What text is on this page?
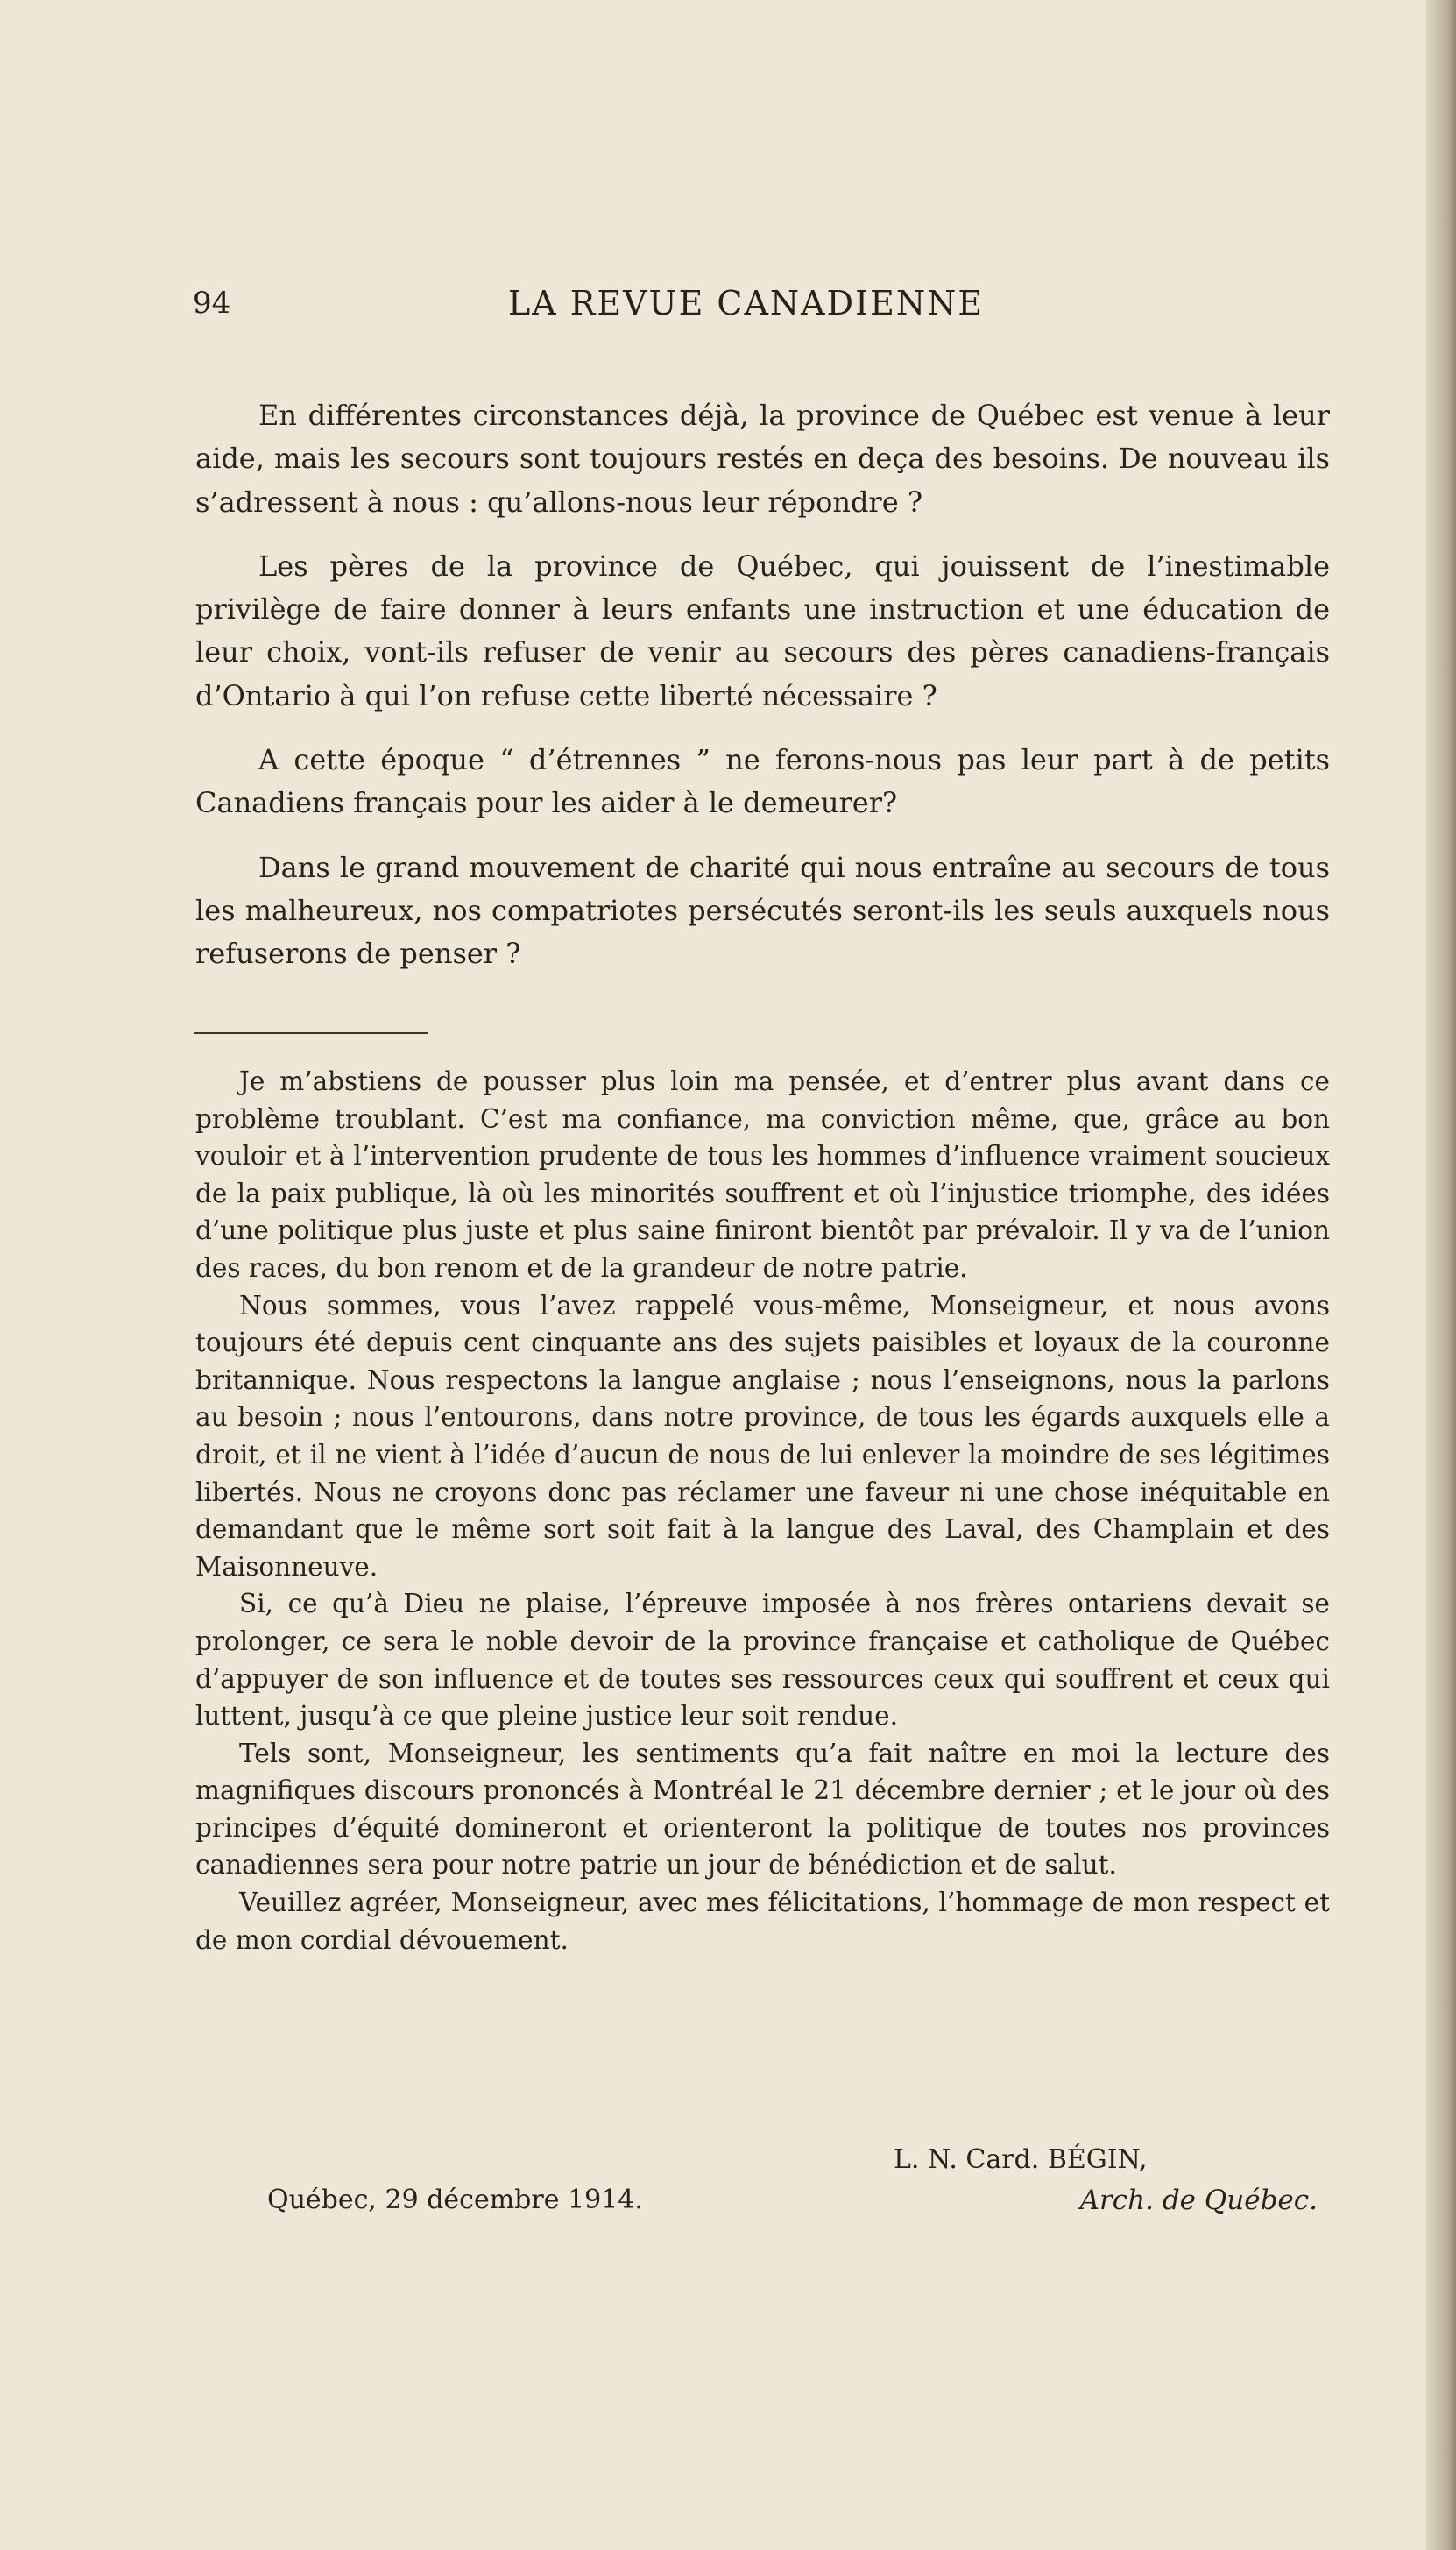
94	LA REVUE CANADIENNE

En différentes circonstances déjà, la province de Québec est venue à leur aide, mais les secours sont toujours restés en deça des besoins. De nouveau ils s’adressent à nous : qu’allons-nous leur répondre ?

Les pères de la province de Québec, qui jouissent de l’inestimable privilège de faire donner à leurs enfants une instruction et une éducation de leur choix, vont-ils refuser de venir au secours des pères canadiens-français d’Ontario à qui l’on refuse cette liberté nécessaire ?

A cette époque “ d’étrennes ” ne ferons-nous pas leur part à de petits Canadiens français pour les aider à le demeurer?

Dans le grand mouvement de charité qui nous entraîne au secours de tous les malheureux, nos compatriotes persécutés seront-ils les seuls auxquels nous refuserons de penser ?

Je m’abstiens de pousser plus loin ma pensée, et d’entrer plus avant dans ce problème troublant. C’est ma confiance, ma conviction même, que, grâce au bon vouloir et à l’intervention prudente de tous les hommes d’influence vraiment soucieux de la paix publique, là où les minorités souffrent et où l’injustice triomphe, des idées d’une politique plus juste et plus saine finiront bientôt par prévaloir. Il y va de l’union des races, du bon renom et de la grandeur de notre patrie.

Nous sommes, vous l’avez rappelé vous-même, Monseigneur, et nous avons toujours été depuis cent cinquante ans des sujets paisibles et loyaux de la couronne britannique. Nous respectons la langue anglaise ; nous l’enseignons, nous la parlons au besoin ; nous l’entourons, dans notre province, de tous les égards auxquels elle a droit, et il ne vient à l’idée d’aucun de nous de lui enlever la moindre de ses légitimes libertés. Nous ne croyons donc pas réclamer une faveur ni une chose inéquitable en demandant que le même sort soit fait à la langue des Laval, des Champlain et des Maisonneuve.

Si, ce qu’à Dieu ne plaise, l’épreuve imposée à nos frères ontariens devait se prolonger, ce sera le noble devoir de la province française et catholique de Québec d’appuyer de son influence et de toutes ses ressources ceux qui souffrent et ceux qui luttent, jusqu’à ce que pleine justice leur soit rendue.

Tels sont, Monseigneur, les sentiments qu’a fait naître en moi la lecture des magnifiques discours prononcés à Montréal le 21 décembre dernier ; et le jour où des principes d’équité domineront et orienteront la politique de toutes nos provinces canadiennes sera pour notre patrie un jour de bénédiction et de salut.

Veuillez agréer, Monseigneur, avec mes félicitations, l’hommage de mon respect et de mon cordial dévouement.

L. N. Card. BÉGIN,
Québec, 29 décembre 1914.	Arch. de Québec.
